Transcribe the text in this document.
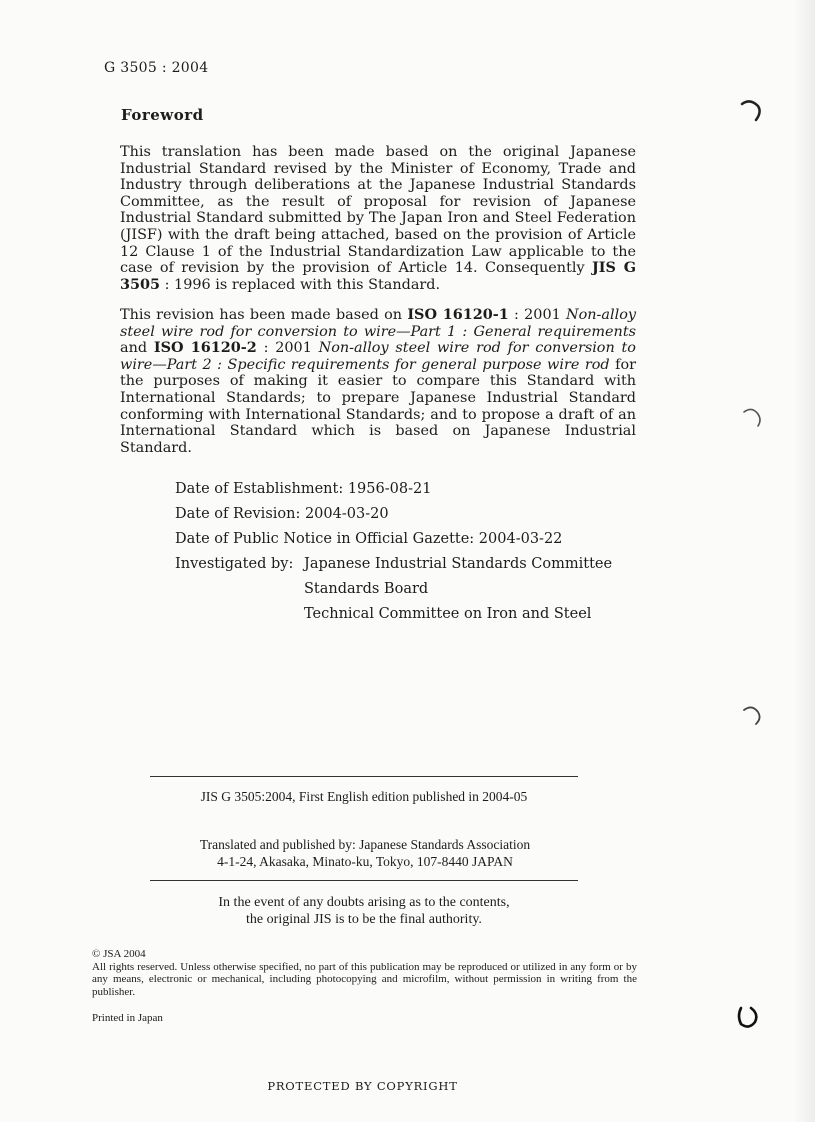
G 3505 : 2004
Foreword

This translation has been made based on the original Japanese Industrial Standard revised by the Minister of Economy, Trade and Industry through deliberations at the Japanese Industrial Standards Committee, as the result of proposal for revision of Japanese Industrial Standard submitted by The Japan Iron and Steel Federation (JISF) with the draft being attached, based on the provision of Article 12 Clause 1 of the Industrial Standardization Law applicable to the case of revision by the provision of Article 14. Consequently JIS G 3505 : 1996 is replaced with this Standard.

This revision has been made based on ISO 16120-1 : 2001 Non-alloy steel wire rod for conversion to wire—Part 1 : General requirements and ISO 16120-2 : 2001 Non-alloy steel wire rod for conversion to wire—Part 2 : Specific requirements for general purpose wire rod for the purposes of making it easier to compare this Standard with International Standards; to prepare Japanese Industrial Standard conforming with International Standards; and to propose a draft of an International Standard which is based on Japanese Industrial Standard.

Date of Establishment: 1956-08-21
Date of Revision: 2004-03-20
Date of Public Notice in Official Gazette: 2004-03-22
Investigated by: Japanese Industrial Standards Committee
Standards Board
Technical Committee on Iron and Steel
JIS G 3505:2004, First English edition published in 2004-05
Translated and published by: Japanese Standards Association
4-1-24, Akasaka, Minato-ku, Tokyo, 107-8440 JAPAN
In the event of any doubts arising as to the contents,
the original JIS is to be the final authority.
© JSA 2004

All rights reserved. Unless otherwise specified, no part of this publication may be reproduced or utilized in any form or by any means, electronic or mechanical, including photocopying and microfilm, without permission in writing from the publisher.

Printed in Japan
PROTECTED BY COPYRIGHT
